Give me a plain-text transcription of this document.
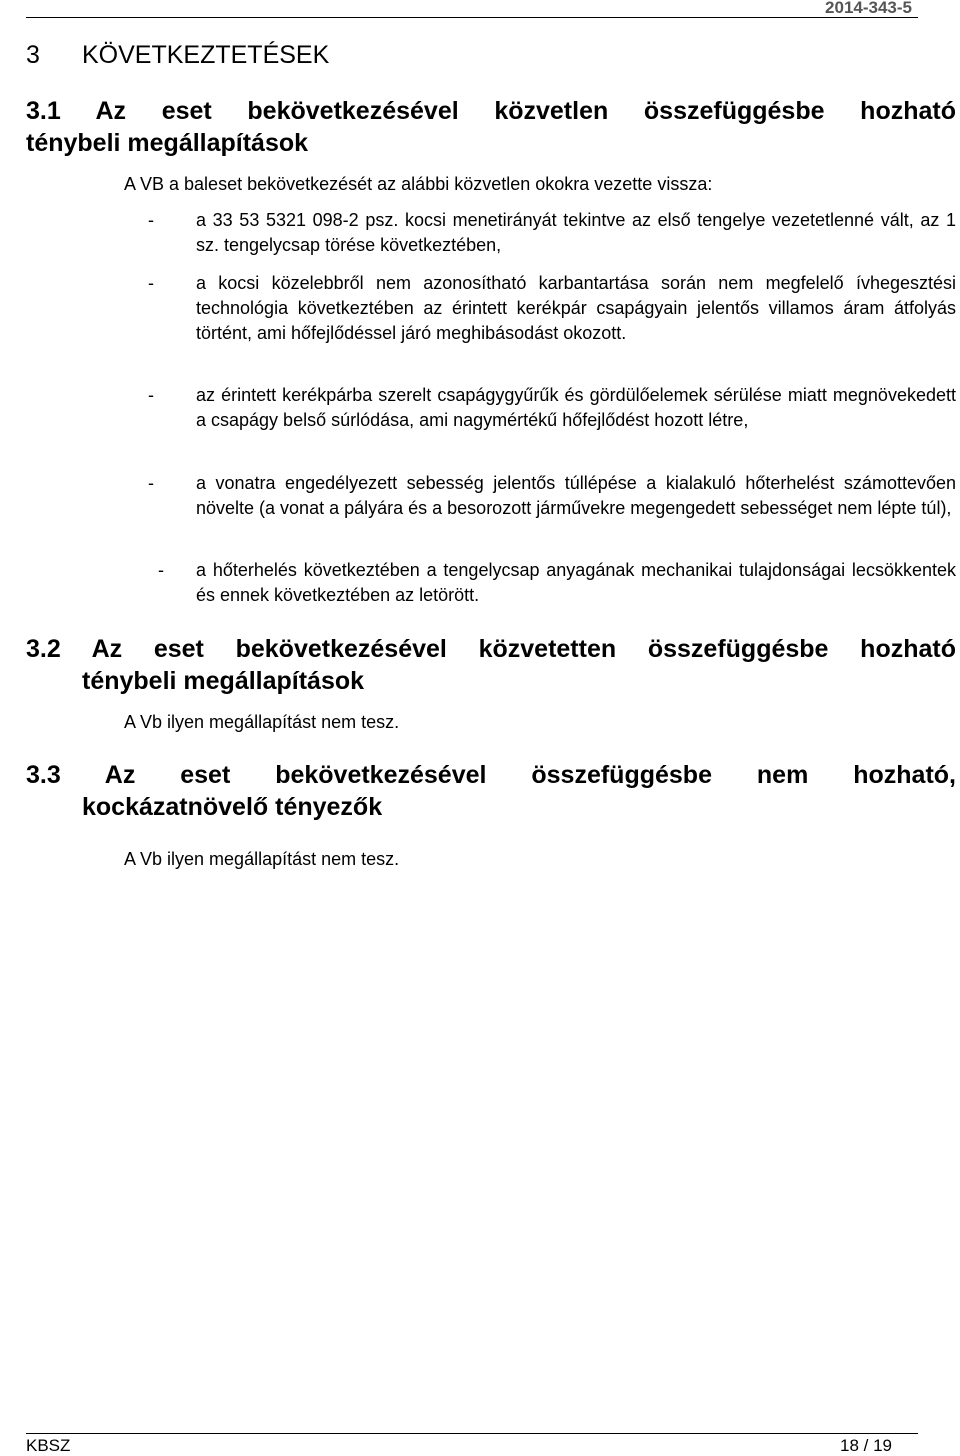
2014-343-5
3 KÖVETKEZTETÉSEK
3.1 Az eset bekövetkezésével közvetlen összefüggésbe hozható
ténybeli megállapítások
A VB a baleset bekövetkezését az alábbi közvetlen okokra vezette vissza:
- a 33 53 5321 098-2 psz. kocsi menetirányát tekintve az első tengelye vezetetlenné vált, az 1 sz. tengelycsap törése következtében,
- a kocsi közelebbről nem azonosítható karbantartása során nem megfelelő ívhegesztési technológia következtében az érintett kerékpár csapágyain jelentős villamos áram átfolyás történt, ami hőfejlődéssel járó meghibásodást okozott.
- az érintett kerékpárba szerelt csapágygyűrűk és gördülőelemek sérülése miatt megnövekedett a csapágy belső súrlódása, ami nagymértékű hőfejlődést hozott létre,
- a vonatra engedélyezett sebesség jelentős túllépése a kialakuló hőterhelést számottevően növelte (a vonat a pályára és a besorozott járművekre megengedett sebességet nem lépte túl),
- a hőterhelés következtében a tengelycsap anyagának mechanikai tulajdonságai lecsökkentek és ennek következtében az letörött.
3.2 Az eset bekövetkezésével közvetetten összefüggésbe hozható
ténybeli megállapítások
A Vb ilyen megállapítást nem tesz.
3.3 Az eset bekövetkezésével összefüggésbe nem hozható,
kockázatnövelő tényezők
A Vb ilyen megállapítást nem tesz.
KBSZ	18 / 19
